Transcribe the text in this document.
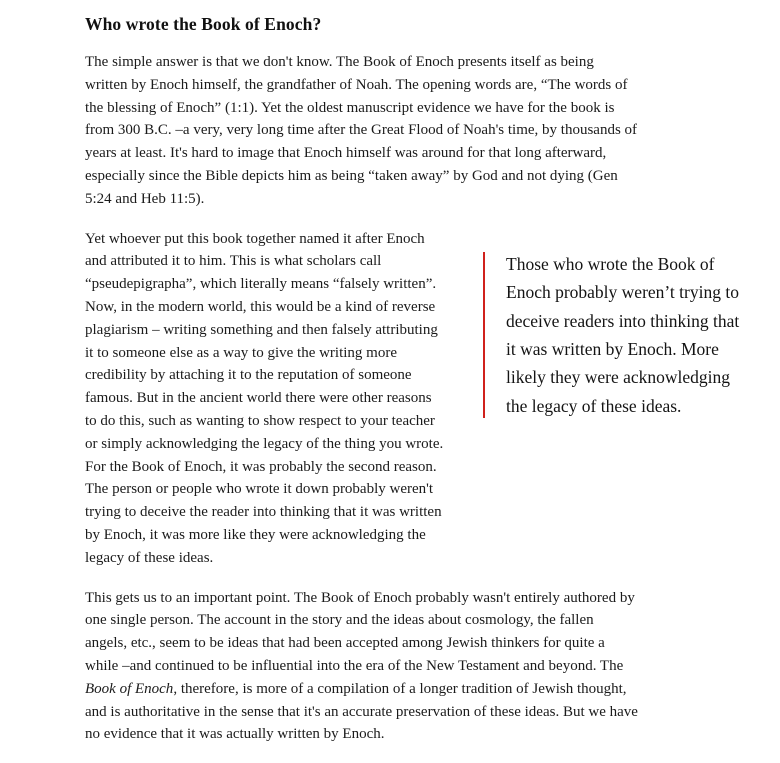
Who wrote the Book of Enoch?

The simple answer is that we don't know. The Book of Enoch presents itself as being written by Enoch himself, the grandfather of Noah. The opening words are, “The words of the blessing of Enoch” (1:1). Yet the oldest manuscript evidence we have for the book is from 300 B.C. –a very, very long time after the Great Flood of Noah's time, by thousands of years at least. It's hard to image that Enoch himself was around for that long afterward, especially since the Bible depicts him as being “taken away” by God and not dying (Gen 5:24 and Heb 11:5).

Yet whoever put this book together named it after Enoch and attributed it to him. This is what scholars call “pseudepigrapha”, which literally means “falsely written”. Now, in the modern world, this would be a kind of reverse plagiarism – writing something and then falsely attributing it to someone else as a way to give the writing more credibility by attaching it to the reputation of someone famous. But in the ancient world there were other reasons to do this, such as wanting to show respect to your teacher or simply acknowledging the legacy of the thing you wrote. For the Book of Enoch, it was probably the second reason. The person or people who wrote it down probably weren't trying to deceive the reader into thinking that it was written by Enoch, it was more like they were acknowledging the legacy of these ideas.

This gets us to an important point. The Book of Enoch probably wasn't entirely authored by one single person. The account in the story and the ideas about cosmology, the fallen angels, etc., seem to be ideas that had been accepted among Jewish thinkers for quite a while –and continued to be influential into the era of the New Testament and beyond. The Book of Enoch, therefore, is more of a compilation of a longer tradition of Jewish thought, and is authoritative in the sense that it's an accurate preservation of these ideas. But we have no evidence that it was actually written by Enoch.

Those who wrote the Book of Enoch probably weren’t trying to deceive readers into thinking that it was written by Enoch. More likely they were acknowledging the legacy of these ideas.
